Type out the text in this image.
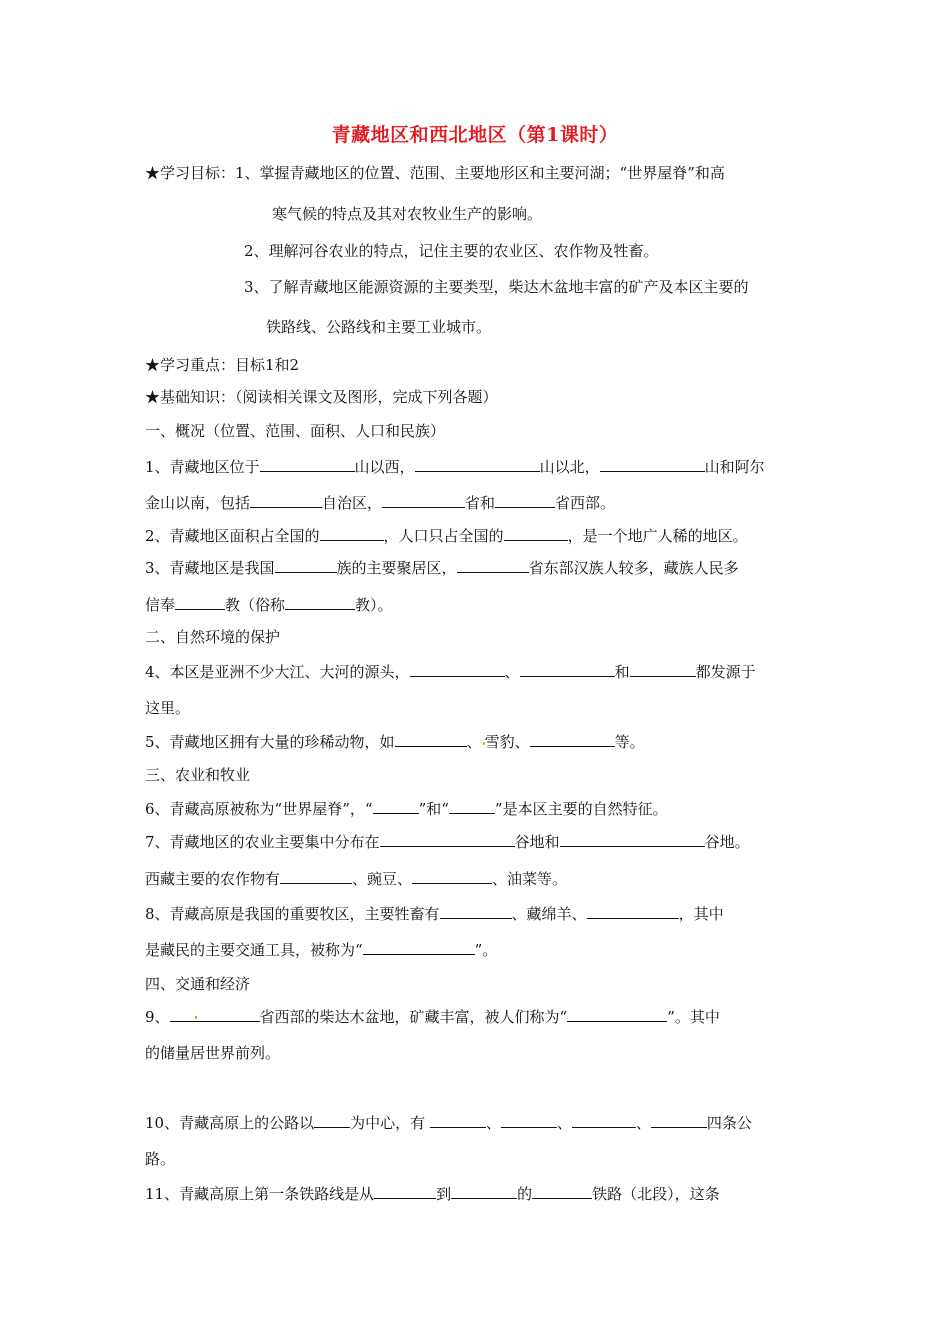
青藏地区和西北地区（第1课时）
★学习目标：1、掌握青藏地区的位置、范围、主要地形区和主要河湖；“世界屋脊”和高
寒气候的特点及其对农牧业生产的影响。
2、理解河谷农业的特点，记住主要的农业区、农作物及牲畜。
3、了解青藏地区能源资源的主要类型，柴达木盆地丰富的矿产及本区主要的
铁路线、公路线和主要工业城市。
★学习重点：目标1和2
★基础知识：（阅读相关课文及图形，完成下列各题）
一、概况（位置、范围、面积、人口和民族）
1、青藏地区位于	山以西，	山以北，	山和阿尔
金山以南，包括	自治区，	省和	省西部。
2、青藏地区面积占全国的	，人口只占全国的	，是一个地广人稀的地区。
3、青藏地区是我国	族的主要聚居区，	省东部汉族人较多，藏族人民多
信奉	教（俗称	教）。
二、自然环境的保护
4、本区是亚洲不少大江、大河的源头，	、	和	都发源于
这里。
5、青藏地区拥有大量的珍稀动物，如	、 雪豹、	等。
三、农业和牧业
6、青藏高原被称为“世界屋脊”，“	”和“	”是本区主要的自然特征。
7、青藏地区的农业主要集中分布在	谷地和	谷地。
西藏主要的农作物有	、豌豆、	、油菜等。
8、青藏高原是我国的重要牧区，主要牲畜有	、藏绵羊、	，其中
是藏民的主要交通工具，被称为“	”。
四、交通和经济
9、	省西部的柴达木盆地，矿藏丰富，被人们称为“	”。其中
的储量居世界前列。
10、青藏高原上的公路以 为中心，有	、	、	、	四条公
路。
11、青藏高原上第一条铁路线是从	到	的	铁路（北段），这条
